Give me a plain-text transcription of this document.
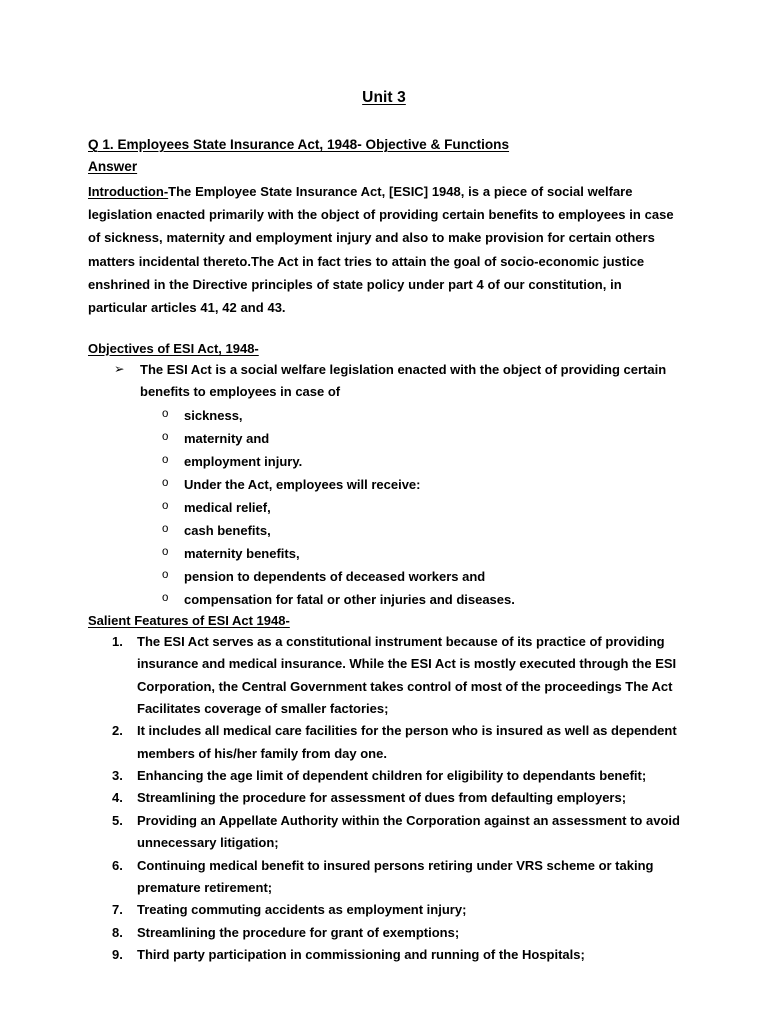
Unit 3
Q 1. Employees State Insurance Act, 1948- Objective & Functions
Answer

Introduction-The Employee State Insurance Act, [ESIC] 1948, is a piece of social welfare legislation enacted primarily with the object of providing certain benefits to employees in case of sickness, maternity and employment injury and also to make provision for certain others matters incidental thereto.The Act in fact tries to attain the goal of socio-economic justice enshrined in the Directive principles of state policy under part 4 of our constitution, in particular articles 41, 42 and 43.

Objectives of ESI Act, 1948-
➢ The ESI Act is a social welfare legislation enacted with the object of providing certain benefits to employees in case of
o sickness,
o maternity and
o employment injury.
o Under the Act, employees will receive:
o medical relief,
o cash benefits,
o maternity benefits,
o pension to dependents of deceased workers and
o compensation for fatal or other injuries and diseases.
Salient Features of ESI Act 1948-
1. The ESI Act serves as a constitutional instrument because of its practice of providing insurance and medical insurance. While the ESI Act is mostly executed through the ESI Corporation, the Central Government takes control of most of the proceedings The Act Facilitates coverage of smaller factories;
2. It includes all medical care facilities for the person who is insured as well as dependent members of his/her family from day one.
3. Enhancing the age limit of dependent children for eligibility to dependants benefit;
4. Streamlining the procedure for assessment of dues from defaulting employers;
5. Providing an Appellate Authority within the Corporation against an assessment to avoid unnecessary litigation;
6. Continuing medical benefit to insured persons retiring under VRS scheme or taking premature retirement;
7. Treating commuting accidents as employment injury;
8. Streamlining the procedure for grant of exemptions;
9. Third party participation in commissioning and running of the Hospitals;
